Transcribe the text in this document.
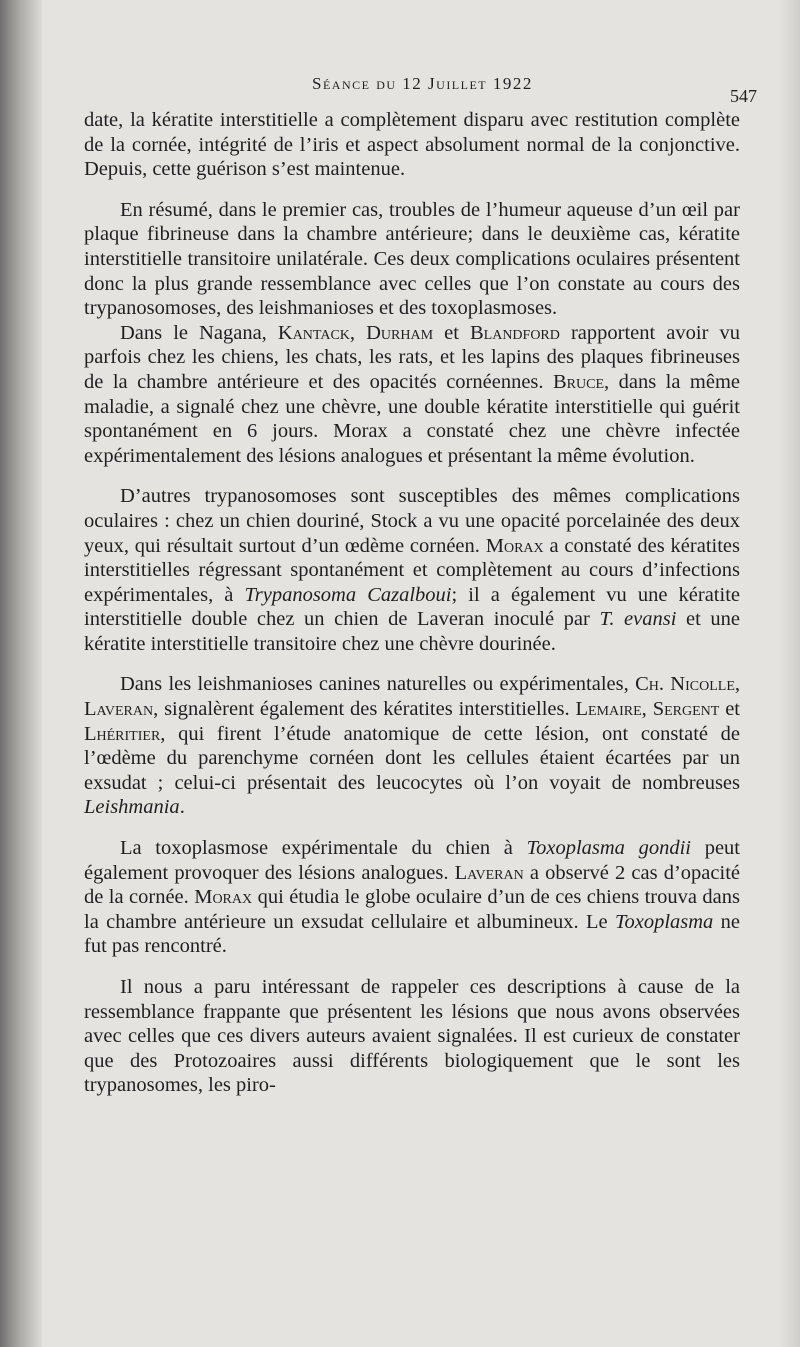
Séance du 12 Juillet 1922
547

date, la kératite interstitielle a complètement disparu avec restitution complète de la cornée, intégrité de l’iris et aspect absolument normal de la conjonctive. Depuis, cette guérison s’est maintenue.

En résumé, dans le premier cas, troubles de l’humeur aqueuse d’un œil par plaque fibrineuse dans la chambre antérieure; dans le deuxième cas, kératite interstitielle transitoire unilatérale. Ces deux complications oculaires présentent donc la plus grande ressemblance avec celles que l’on constate au cours des trypanosomoses, des leishmanioses et des toxoplasmoses.

Dans le Nagana, Kantack, Durham et Blandford rapportent avoir vu parfois chez les chiens, les chats, les rats, et les lapins des plaques fibrineuses de la chambre antérieure et des opacités cornéennes. Bruce, dans la même maladie, a signalé chez une chèvre, une double kératite interstitielle qui guérit spontanément en 6 jours. Morax a constaté chez une chèvre infectée expérimentalement des lésions analogues et présentant la même évolution.

D’autres trypanosomoses sont susceptibles des mêmes complications oculaires : chez un chien douriné, Stock a vu une opacité porcelainée des deux yeux, qui résultait surtout d’un œdème cornéen. Morax a constaté des kératites interstitielles régressant spontanément et complètement au cours d’infections expérimentales, à Trypanosoma Cazalboui; il a également vu une kératite interstitielle double chez un chien de Laveran inoculé par T. evansi et une kératite interstitielle transitoire chez une chèvre dourinée.

Dans les leishmanioses canines naturelles ou expérimentales, Ch. Nicolle, Laveran, signalèrent également des kératites interstitielles. Lemaire, Sergent et Lhéritier, qui firent l’étude anatomique de cette lésion, ont constaté de l’œdème du parenchyme cornéen dont les cellules étaient écartées par un exsudat ; celui-ci présentait des leucocytes où l’on voyait de nombreuses Leishmania.

La toxoplasmose expérimentale du chien à Toxoplasma gondii peut également provoquer des lésions analogues. Laveran a observé 2 cas d’opacité de la cornée. Morax qui étudia le globe oculaire d’un de ces chiens trouva dans la chambre antérieure un exsudat cellulaire et albumineux. Le Toxoplasma ne fut pas rencontré.

Il nous a paru intéressant de rappeler ces descriptions à cause de la ressemblance frappante que présentent les lésions que nous avons observées avec celles que ces divers auteurs avaient signalées. Il est curieux de constater que des Protozoaires aussi différents biologiquement que le sont les trypanosomes, les piro-
